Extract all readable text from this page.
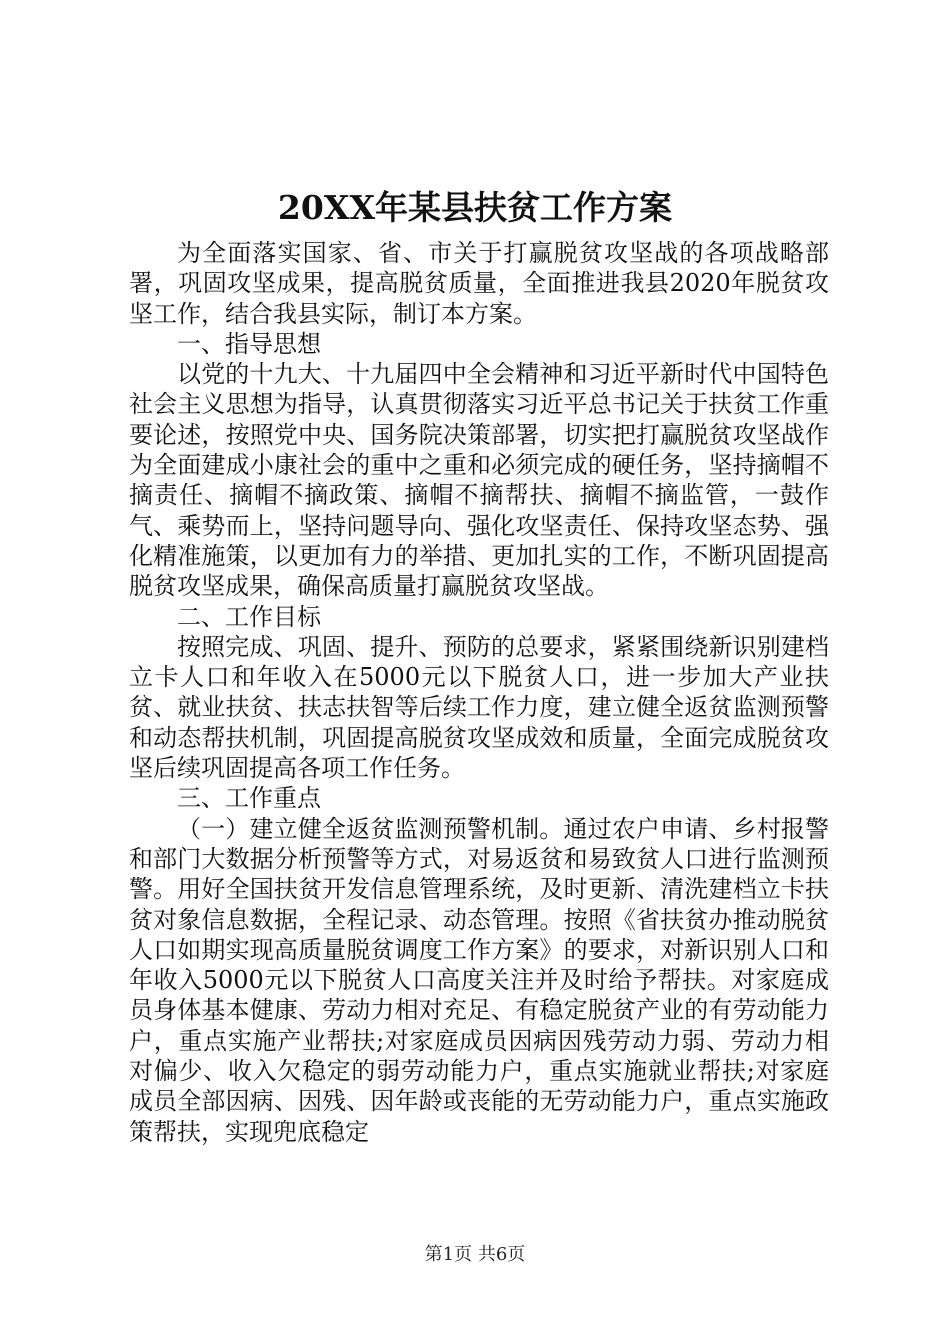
20XX年某县扶贫工作方案

为全面落实国家、省、市关于打赢脱贫攻坚战的各项战略部署，巩固攻坚成果，提高脱贫质量，全面推进我县2020年脱贫攻坚工作，结合我县实际，制订本方案。

一、指导思想

以党的十九大、十九届四中全会精神和习近平新时代中国特色社会主义思想为指导，认真贯彻落实习近平总书记关于扶贫工作重要论述，按照党中央、国务院决策部署，切实把打赢脱贫攻坚战作为全面建成小康社会的重中之重和必须完成的硬任务，坚持摘帽不摘责任、摘帽不摘政策、摘帽不摘帮扶、摘帽不摘监管，一鼓作气、乘势而上，坚持问题导向、强化攻坚责任、保持攻坚态势、强化精准施策，以更加有力的举措、更加扎实的工作，不断巩固提高脱贫攻坚成果，确保高质量打赢脱贫攻坚战。

二、工作目标

按照完成、巩固、提升、预防的总要求，紧紧围绕新识别建档立卡人口和年收入在5000元以下脱贫人口，进一步加大产业扶贫、就业扶贫、扶志扶智等后续工作力度，建立健全返贫监测预警和动态帮扶机制，巩固提高脱贫攻坚成效和质量，全面完成脱贫攻坚后续巩固提高各项工作任务。

三、工作重点

（一）建立健全返贫监测预警机制。通过农户申请、乡村报警和部门大数据分析预警等方式，对易返贫和易致贫人口进行监测预警。用好全国扶贫开发信息管理系统，及时更新、清洗建档立卡扶贫对象信息数据，全程记录、动态管理。按照《省扶贫办推动脱贫人口如期实现高质量脱贫调度工作方案》的要求，对新识别人口和年收入5000元以下脱贫人口高度关注并及时给予帮扶。对家庭成员身体基本健康、劳动力相对充足、有稳定脱贫产业的有劳动能力户，重点实施产业帮扶;对家庭成员因病因残劳动力弱、劳动力相对偏少、收入欠稳定的弱劳动能力户，重点实施就业帮扶;对家庭成员全部因病、因残、因年龄或丧能的无劳动能力户，重点实施政策帮扶，实现兜底稳定

第1页 共6页
